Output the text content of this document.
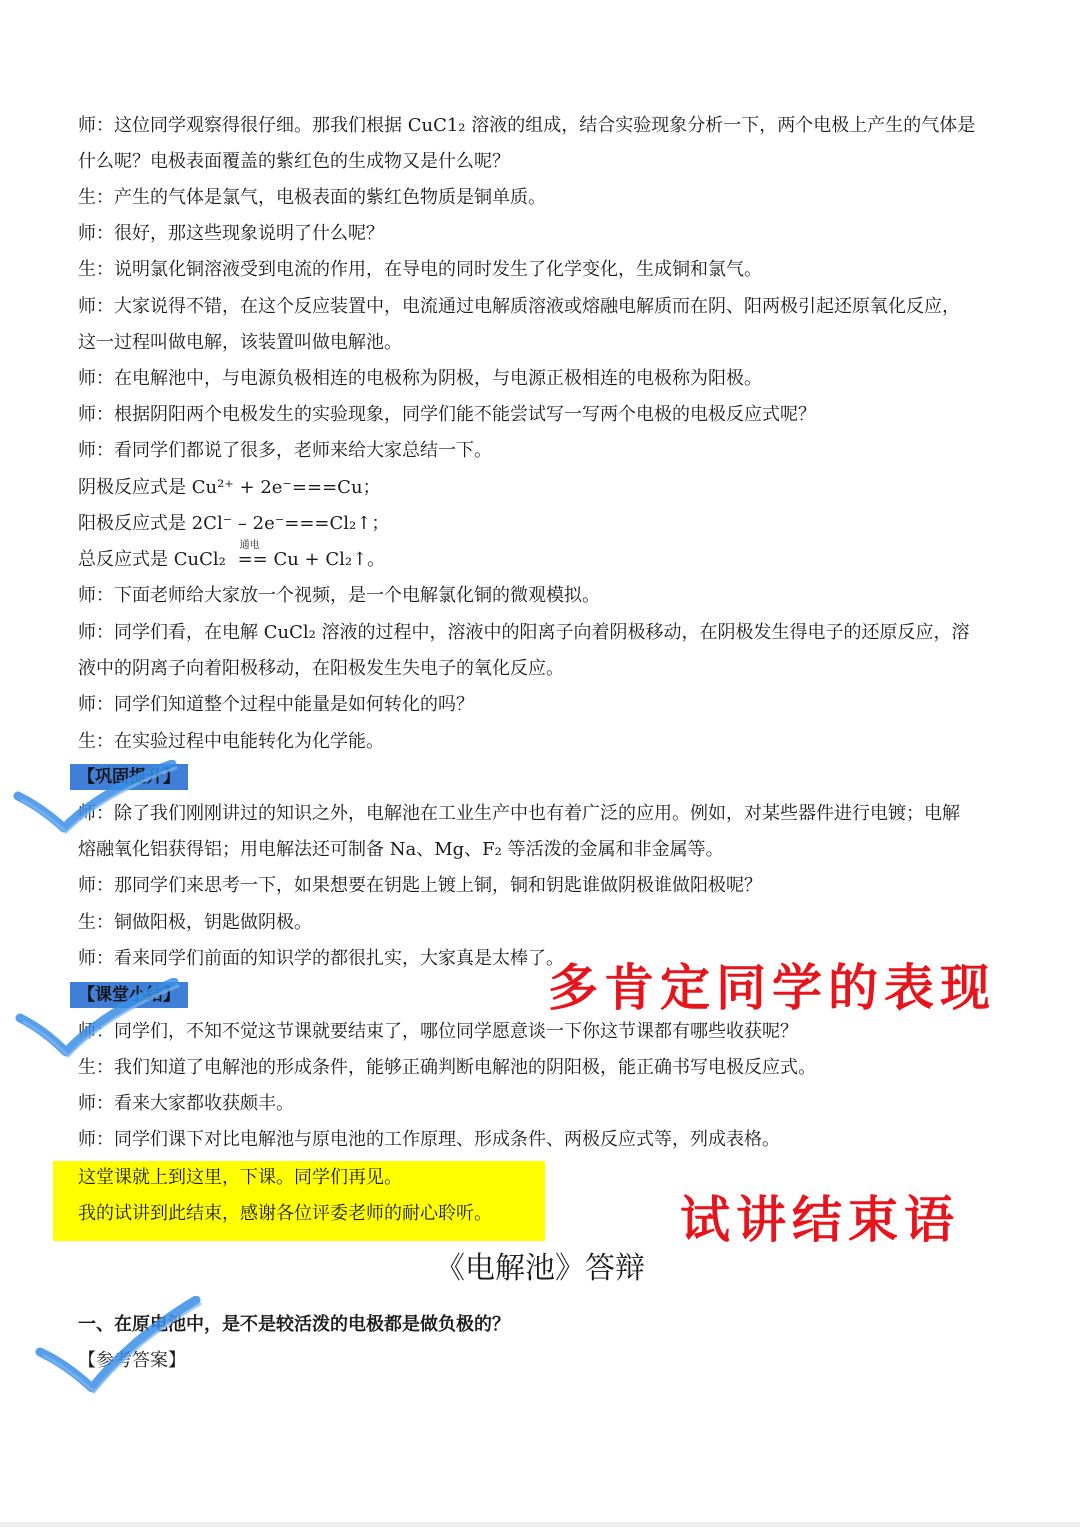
师：这位同学观察得很仔细。那我们根据 CuC1₂ 溶液的组成，结合实验现象分析一下，两个电极上产生的气体是
什么呢？电极表面覆盖的紫红色的生成物又是什么呢？
生：产生的气体是氯气，电极表面的紫红色物质是铜单质。
师：很好，那这些现象说明了什么呢？
生：说明氯化铜溶液受到电流的作用，在导电的同时发生了化学变化，生成铜和氯气。
师：大家说得不错，在这个反应装置中，电流通过电解质溶液或熔融电解质而在阴、阳两极引起还原氧化反应，
这一过程叫做电解，该装置叫做电解池。
师：在电解池中，与电源负极相连的电极称为阴极，与电源正极相连的电极称为阳极。
师：根据阴阳两个电极发生的实验现象，同学们能不能尝试写一写两个电极的电极反应式呢？
师：看同学们都说了很多，老师来给大家总结一下。
阴极反应式是 Cu²⁺ + 2e⁻===Cu；
阳极反应式是 2Cl⁻ – 2e⁻===Cl₂↑；
总反应式是 CuCl₂
通电
== Cu + Cl₂↑。
师：下面老师给大家放一个视频，是一个电解氯化铜的微观模拟。
师：同学们看，在电解 CuCl₂ 溶液的过程中，溶液中的阳离子向着阴极移动，在阴极发生得电子的还原反应，溶
液中的阴离子向着阳极移动，在阳极发生失电子的氧化反应。
师：同学们知道整个过程中能量是如何转化的吗？
生：在实验过程中电能转化为化学能。
【巩固提升】
师：除了我们刚刚讲过的知识之外，电解池在工业生产中也有着广泛的应用。例如，对某些器件进行电镀；电解
熔融氧化铝获得铝；用电解法还可制备 Na、Mg、F₂ 等活泼的金属和非金属等。
师：那同学们来思考一下，如果想要在钥匙上镀上铜，铜和钥匙谁做阴极谁做阳极呢？
生：铜做阳极，钥匙做阴极。
师：看来同学们前面的知识学的都很扎实，大家真是太棒了。
【课堂小结】
师：同学们，不知不觉这节课就要结束了，哪位同学愿意谈一下你这节课都有哪些收获呢？
生：我们知道了电解池的形成条件，能够正确判断电解池的阴阳极，能正确书写电极反应式。
师：看来大家都收获颇丰。
师：同学们课下对比电解池与原电池的工作原理、形成条件、两极反应式等，列成表格。
这堂课就上到这里，下课。同学们再见。
我的试讲到此结束，感谢各位评委老师的耐心聆听。
多肯定同学的表现
试讲结束语
《电解池》答辩
一、在原电池中，是不是较活泼的电极都是做负极的？
【参考答案】
